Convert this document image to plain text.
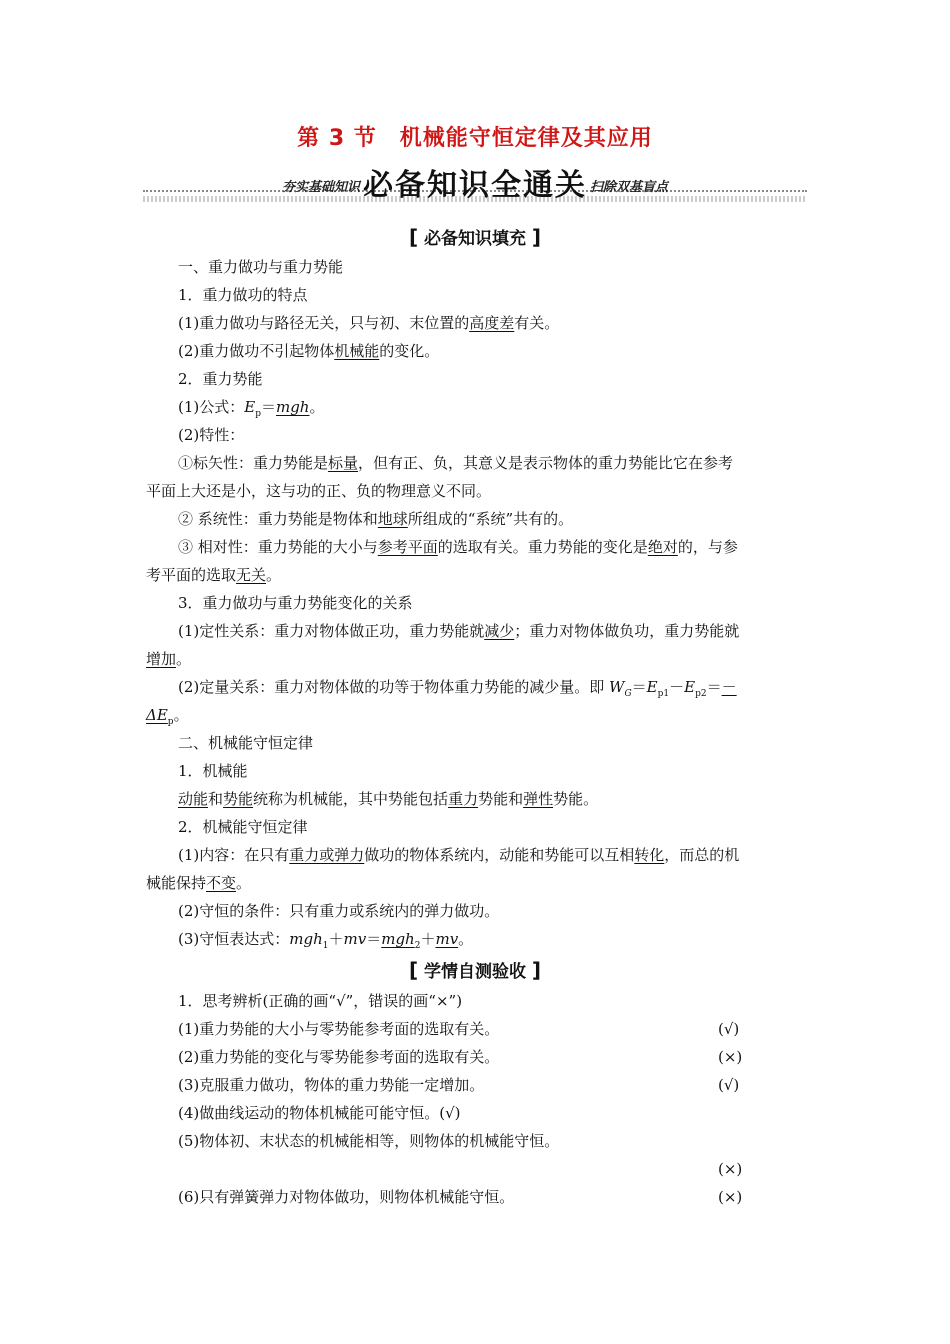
第 3 节　机械能守恒定律及其应用
$^{夯实基础知识}$ 必备知识全通关 $^{扫除双基盲点}$
[ 必备知识填充 ]
一、重力做功与重力势能
1．重力做功的特点
(1)重力做功与路径无关，只与初、末位置的高度差有关。
(2)重力做功不引起物体机械能的变化。
2．重力势能
(1)公式：$E_p=mgh$。
(2)特性：
①标矢性：重力势能是标量，但有正、负，其意义是表示物体的重力势能比它在参考
平面上大还是小，这与功的正、负的物理意义不同。
② 系统性：重力势能是物体和地球所组成的“系统”共有的。
③ 相对性：重力势能的大小与参考平面的选取有关。重力势能的变化是绝对的，与参
考平面的选取无关。
3．重力做功与重力势能变化的关系
(1)定性关系：重力对物体做正功，重力势能就减少；重力对物体做负功，重力势能就
增加。
(2)定量关系：重力对物体做的功等于物体重力势能的减少量。即 $W_G=E_{p1}-E_{p2}=-$
$\Delta E_p$。
二、机械能守恒定律
1．机械能
动能和势能统称为机械能，其中势能包括重力势能和弹性势能。
2．机械能守恒定律
(1)内容：在只有重力或弹力做功的物体系统内，动能和势能可以互相转化，而总的机
械能保持不变。
(2)守恒的条件：只有重力或系统内的弹力做功。
(3)守恒表达式：mgh$_1$＋mv＝mgh$_2$＋mv。
[ 学情自测验收 ]
1．思考辨析(正确的画“√”，错误的画“×”)
(1)重力势能的大小与零势能参考面的选取有关。	(√)
(2)重力势能的变化与零势能参考面的选取有关。	(×)
(3)克服重力做功，物体的重力势能一定增加。	(√)
(4)做曲线运动的物体机械能可能守恒。(√)
(5)物体初、末状态的机械能相等，则物体的机械能守恒。
(×)
(6)只有弹簧弹力对物体做功，则物体机械能守恒。	(×)
